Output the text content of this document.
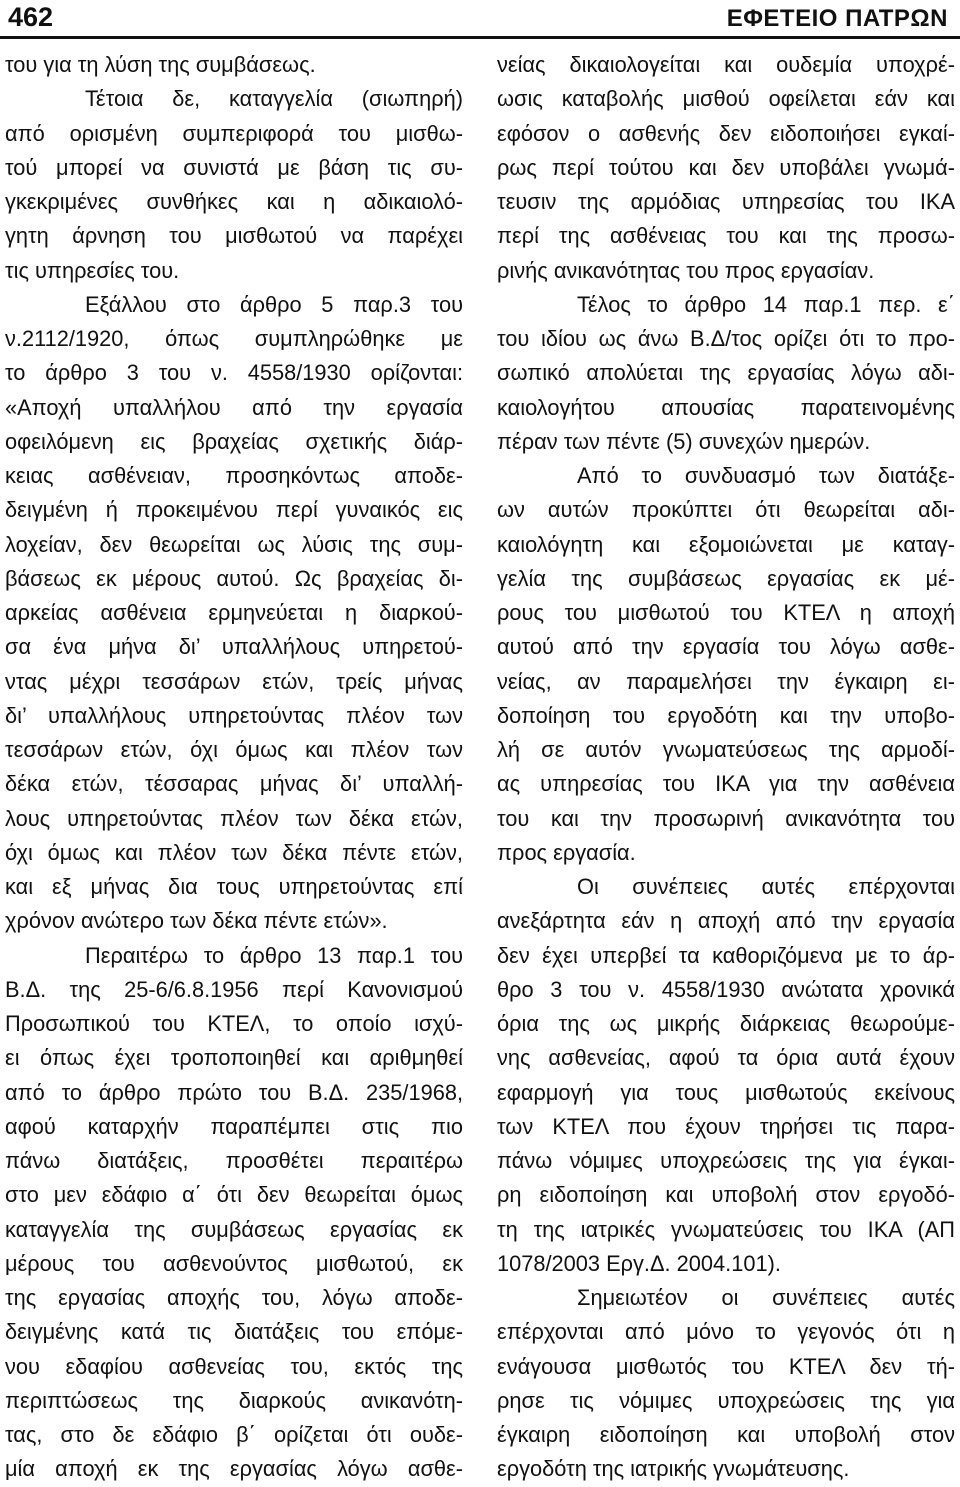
462	ΕΦΕΤΕΙΟ ΠΑΤΡΩΝ
του για τη λύση της συμβάσεως.
Τέτοια δε, καταγγελία (σιωπηρή)
από ορισμένη συμπεριφορά του μισθω-
τού μπορεί να συνιστά με βάση τις συ-
γκεκριμένες συνθήκες και η αδικαιολό-
γητη άρνηση του μισθωτού να παρέχει
τις υπηρεσίες του.
Εξάλλου στο άρθρο 5 παρ.3 του
ν.2112/1920, όπως συμπληρώθηκε με
το άρθρο 3 του ν. 4558/1930 ορίζονται:
«Αποχή υπαλλήλου από την εργασία
οφειλόμενη εις βραχείας σχετικής διάρ-
κειας ασθένειαν, προσηκόντως αποδε-
δειγμένη ή προκειμένου περί γυναικός εις
λοχείαν, δεν θεωρείται ως λύσις της συμ-
βάσεως εκ μέρους αυτού. Ως βραχείας δι-
αρκείας ασθένεια ερμηνεύεται η διαρκού-
σα ένα μήνα δι’ υπαλλήλους υπηρετού-
ντας μέχρι τεσσάρων ετών, τρείς μήνας
δι’ υπαλλήλους υπηρετούντας πλέον των
τεσσάρων ετών, όχι όμως και πλέον των
δέκα ετών, τέσσαρας μήνας δι’ υπαλλή-
λους υπηρετούντας πλέον των δέκα ετών,
όχι όμως και πλέον των δέκα πέντε ετών,
και εξ μήνας δια τους υπηρετούντας επί
χρόνον ανώτερο των δέκα πέντε ετών».
Περαιτέρω το άρθρο 13 παρ.1 του
Β.Δ. της 25-6/6.8.1956 περί Κανονισμού
Προσωπικού του ΚΤΕΛ, το οποίο ισχύ-
ει όπως έχει τροποποιηθεί και αριθμηθεί
από το άρθρο πρώτο του Β.Δ. 235/1968,
αφού καταρχήν παραπέμπει στις πιο
πάνω διατάξεις, προσθέτει περαιτέρω
στο μεν εδάφιο α΄ ότι δεν θεωρείται όμως
καταγγελία της συμβάσεως εργασίας εκ
μέρους του ασθενούντος μισθωτού, εκ
της εργασίας αποχής του, λόγω αποδε-
δειγμένης κατά τις διατάξεις του επόμε-
νου εδαφίου ασθενείας του, εκτός της
περιπτώσεως της διαρκούς ανικανότη-
τας, στο δε εδάφιο β΄ ορίζεται ότι ουδε-
μία αποχή εκ της εργασίας λόγω ασθε-
νείας δικαιολογείται και ουδεμία υποχρέ-
ωσις καταβολής μισθού οφείλεται εάν και
εφόσον ο ασθενής δεν ειδοποιήσει εγκαί-
ρως περί τούτου και δεν υποβάλει γνωμά-
τευσιν της αρμόδιας υπηρεσίας του ΙΚΑ
περί της ασθένειας του και της προσω-
ρινής ανικανότητας του προς εργασίαν.
Τέλος το άρθρο 14 παρ.1 περ. ε΄
του ιδίου ως άνω Β.Δ/τος ορίζει ότι το προ-
σωπικό απολύεται της εργασίας λόγω αδι-
καιολογήτου απουσίας παρατεινομένης
πέραν των πέντε (5) συνεχών ημερών.
Από το συνδυασμό των διατάξε-
ων αυτών προκύπτει ότι θεωρείται αδι-
καιολόγητη και εξομοιώνεται με καταγ-
γελία της συμβάσεως εργασίας εκ μέ-
ρους του μισθωτού του ΚΤΕΛ η αποχή
αυτού από την εργασία του λόγω ασθε-
νείας, αν παραμελήσει την έγκαιρη ει-
δοποίηση του εργοδότη και την υποβο-
λή σε αυτόν γνωματεύσεως της αρμοδί-
ας υπηρεσίας του ΙΚΑ για την ασθένεια
του και την προσωρινή ανικανότητα του
προς εργασία.
Οι συνέπειες αυτές επέρχονται
ανεξάρτητα εάν η αποχή από την εργασία
δεν έχει υπερβεί τα καθοριζόμενα με το άρ-
θρο 3 του ν. 4558/1930 ανώτατα χρονικά
όρια της ως μικρής διάρκειας θεωρούμε-
νης ασθενείας, αφού τα όρια αυτά έχουν
εφαρμογή για τους μισθωτούς εκείνους
των ΚΤΕΛ που έχουν τηρήσει τις παρα-
πάνω νόμιμες υποχρεώσεις της για έγκαι-
ρη ειδοποίηση και υποβολή στον εργοδό-
τη της ιατρικές γνωματεύσεις του ΙΚΑ (ΑΠ
1078/2003 Εργ.Δ. 2004.101).
Σημειωτέον οι συνέπειες αυτές
επέρχονται από μόνο το γεγονός ότι η
ενάγουσα μισθωτός του ΚΤΕΛ δεν τή-
ρησε τις νόμιμες υποχρεώσεις της για
έγκαιρη ειδοποίηση και υποβολή στον
εργοδότη της ιατρικής γνωμάτευσης.
